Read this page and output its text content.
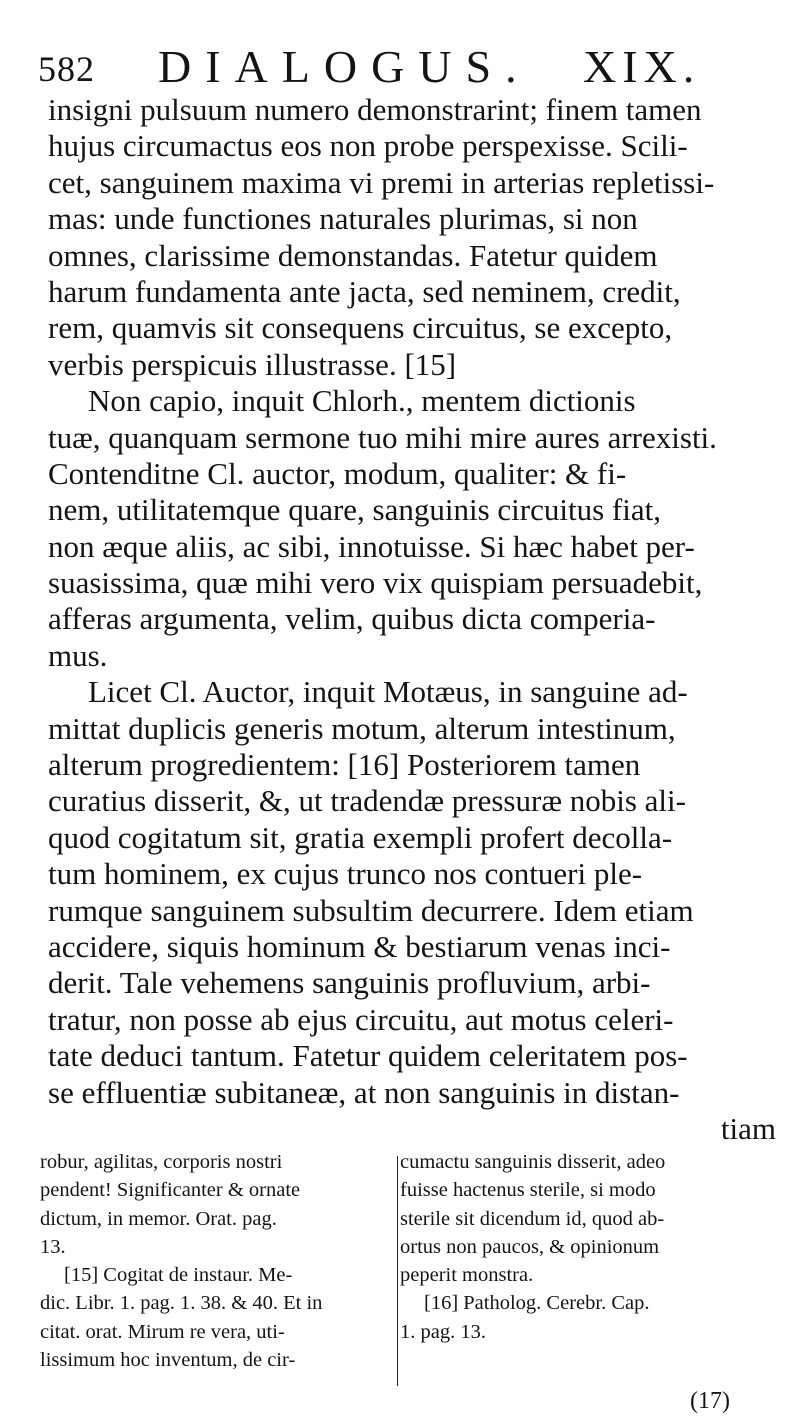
582 DIALOGUS. XIX.
insigni pulsuum numero demonstrarint; finem tamen
hujus circumactus eos non probe perspexisse. Scili-
cet, sanguinem maxima vi premi in arterias repletissi-
mas: unde functiones naturales plurimas, si non
omnes, clarissime demonstandas. Fatetur quidem
harum fundamenta ante jacta, sed neminem, credit,
rem, quamvis sit consequens circuitus, se excepto,
verbis perspicuis illustrasse. [15]
Non capio, inquit Chlorh., mentem dictionis
tuæ, quanquam sermone tuo mihi mire aures arrexisti.
Contenditne Cl. auctor, modum, qualiter: & fi-
nem, utilitatemque quare, sanguinis circuitus fiat,
non æque aliis, ac sibi, innotuisse. Si hæc habet per-
suasissima, quæ mihi vero vix quispiam persuadebit,
afferas argumenta, velim, quibus dicta comperia-
mus.
Licet Cl. Auctor, inquit Motæus, in sanguine ad-
mittat duplicis generis motum, alterum intestinum,
alterum progredientem: [16] Posteriorem tamen
curatius disserit, &, ut tradendæ pressuræ nobis ali-
quod cogitatum sit, gratia exempli profert decolla-
tum hominem, ex cujus trunco nos contueri ple-
rumque sanguinem subsultim decurrere. Idem etiam
accidere, siquis hominum & bestiarum venas inci-
derit. Tale vehemens sanguinis profluvium, arbi-
tratur, non posse ab ejus circuitu, aut motus celeri-
tate deduci tantum. Fatetur quidem celeritatem pos-
se effluentiæ subitaneæ, at non sanguinis in distan-
tiam
robur, agilitas, corporis nostri
pendent! Significanter & ornate
dictum, in memor. Orat. pag.
13.
[15] Cogitat de instaur. Me-
dic. Libr. 1. pag. 1. 38. & 40. Et in
citat. orat. Mirum re vera, uti-
lissimum hoc inventum, de cir-
cumactu sanguinis disserit, adeo
fuisse hactenus sterile, si modo
sterile sit dicendum id, quod ab-
ortus non paucos, & opinionum
peperit monstra.
[16] Patholog. Cerebr. Cap.
1. pag. 13.
(17)
